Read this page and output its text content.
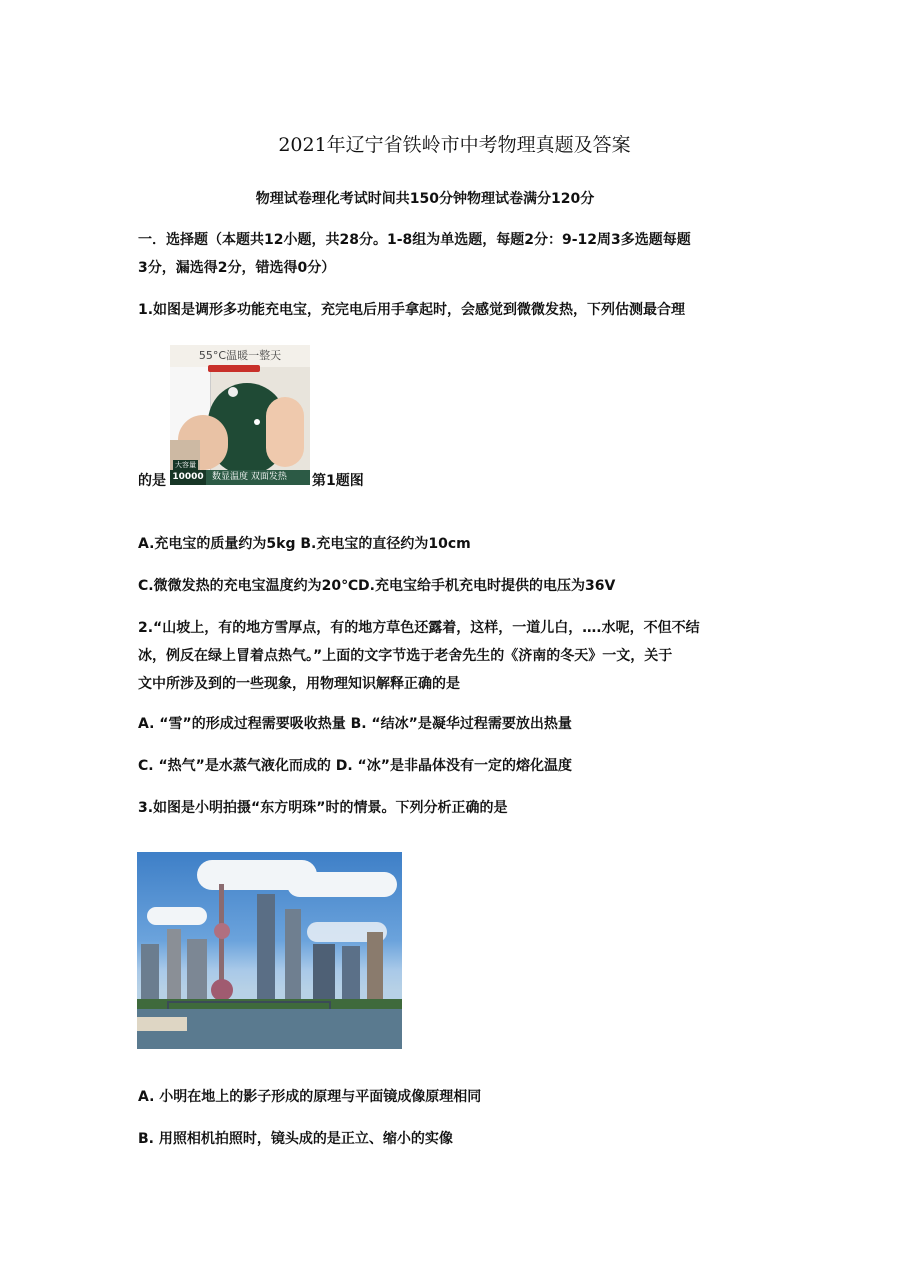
2021年辽宁省铁岭市中考物理真题及答案
物理试卷理化考试时间共150分钟物理试卷满分120分
一．选择题（本题共12小题，共28分。1-8组为单选题，每题2分：9-12周3多选题每题
3分，漏选得2分，错选得0分）
1.如图是调形多功能充电宝，充完电后用手拿起时，会感觉到微微发热，下列估测最合理
55°C温暖一整天
10000 数显温度 双面发热
大容量
的是	第1题图
A.充电宝的质量约为5kg B.充电宝的直径约为10cm
C.微微发热的充电宝温度约为20℃D.充电宝给手机充电时提供的电压为36V
2.“山坡上，有的地方雪厚点，有的地方草色还露着，这样，一道儿白，….水呢，不但不结
冰，例反在绿上冒着点热气。”上面的文字节选于老舍先生的《济南的冬天》一文，关于
文中所涉及到的一些现象，用物理知识解释正确的是
A. “雪”的形成过程需要吸收热量 B. “结冰”是凝华过程需要放出热量
C. “热气”是水蒸气液化而成的 D. “冰”是非晶体没有一定的熔化温度
3.如图是小明拍摄“东方明珠”时的情景。下列分析正确的是
A. 小明在地上的影子形成的原理与平面镜成像原理相同
B. 用照相机拍照时，镜头成的是正立、缩小的实像
